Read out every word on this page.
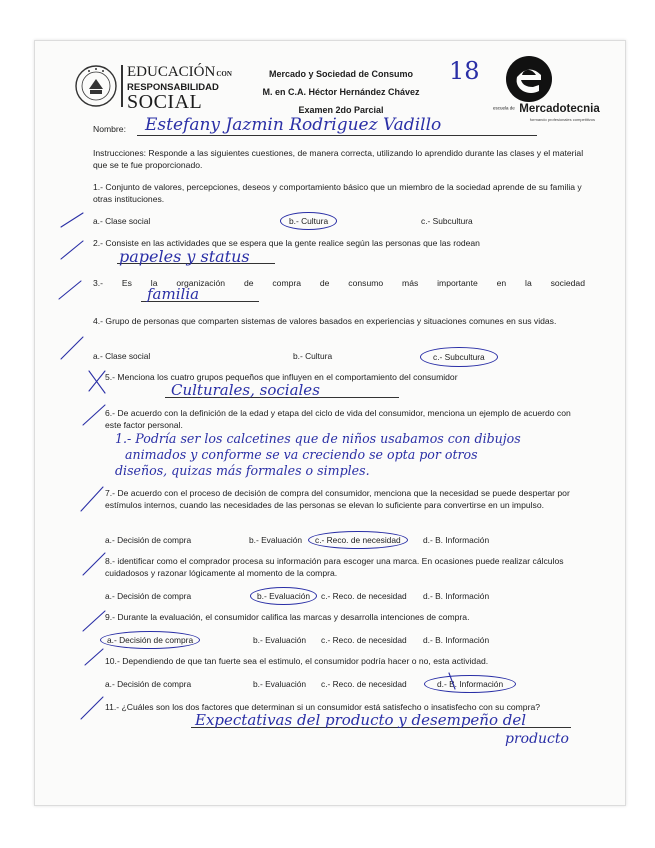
EDUCACIÓNCON
RESPONSABILIDAD
SOCIAL
Mercado y Sociedad de Consumo
M. en C.A. Héctor Hernández Chávez
Examen 2do Parcial
18
escuela de Mercadotecnia
formando profesionales competitivos
Nombre: Estefany Jazmin Rodriguez Vadillo
Instrucciones: Responde a las siguientes cuestiones, de manera correcta, utilizando lo aprendido durante las clases y el material que se te fue proporcionado.
1.- Conjunto de valores, percepciones, deseos y comportamiento básico que un miembro de la sociedad aprende de su familia y otras instituciones.
a.- Clase social	b.- Cultura	c.- Subcultura
2.- Consiste en las actividades que se espera que la gente realice según las personas que las rodean
papeles y status
3.- Es la organización de compra de consumo más importante en la sociedad
familia
4.- Grupo de personas que comparten sistemas de valores basados en experiencias y situaciones comunes en sus vidas.
a.- Clase social	b.- Cultura	c.- Subcultura
5.- Menciona los cuatro grupos pequeños que influyen en el comportamiento del consumidor
Culturales, sociales
6.- De acuerdo con la definición de la edad y etapa del ciclo de vida del consumidor, menciona un ejemplo de acuerdo con este factor personal.
1.- Podría ser los calcetines que de niños usabamos con dibujos
animados y conforme se va creciendo se opta por otros
diseños, quizas más formales o simples.
7.- De acuerdo con el proceso de decisión de compra del consumidor, menciona que la necesidad se puede despertar por estímulos internos, cuando las necesidades de las personas se elevan lo suficiente para convertirse en un impulso.
a.- Decisión de compra	b.- Evaluación	c.- Reco. de necesidad	d.- B. Información
8.- identificar como el comprador procesa su información para escoger una marca. En ocasiones puede realizar cálculos cuidadosos y razonar lógicamente al momento de la compra.
a.- Decisión de compra	b.- Evaluación	c.- Reco. de necesidad d.- B. Información
9.- Durante la evaluación, el consumidor califica las marcas y desarrolla intenciones de compra.
a.- Decisión de compra	b.- Evaluación c.- Reco. de necesidad d.- B. Información
10.- Dependiendo de que tan fuerte sea el estimulo, el consumidor podría hacer o no, esta actividad.
a.- Decisión de compra	b.- Evaluación c.- Reco. de necesidad	d.- B. Información
11.- ¿Cuáles son los dos factores que determinan si un consumidor está satisfecho o insatisfecho con su compra?
Expectativas del producto y desempeño del
producto
